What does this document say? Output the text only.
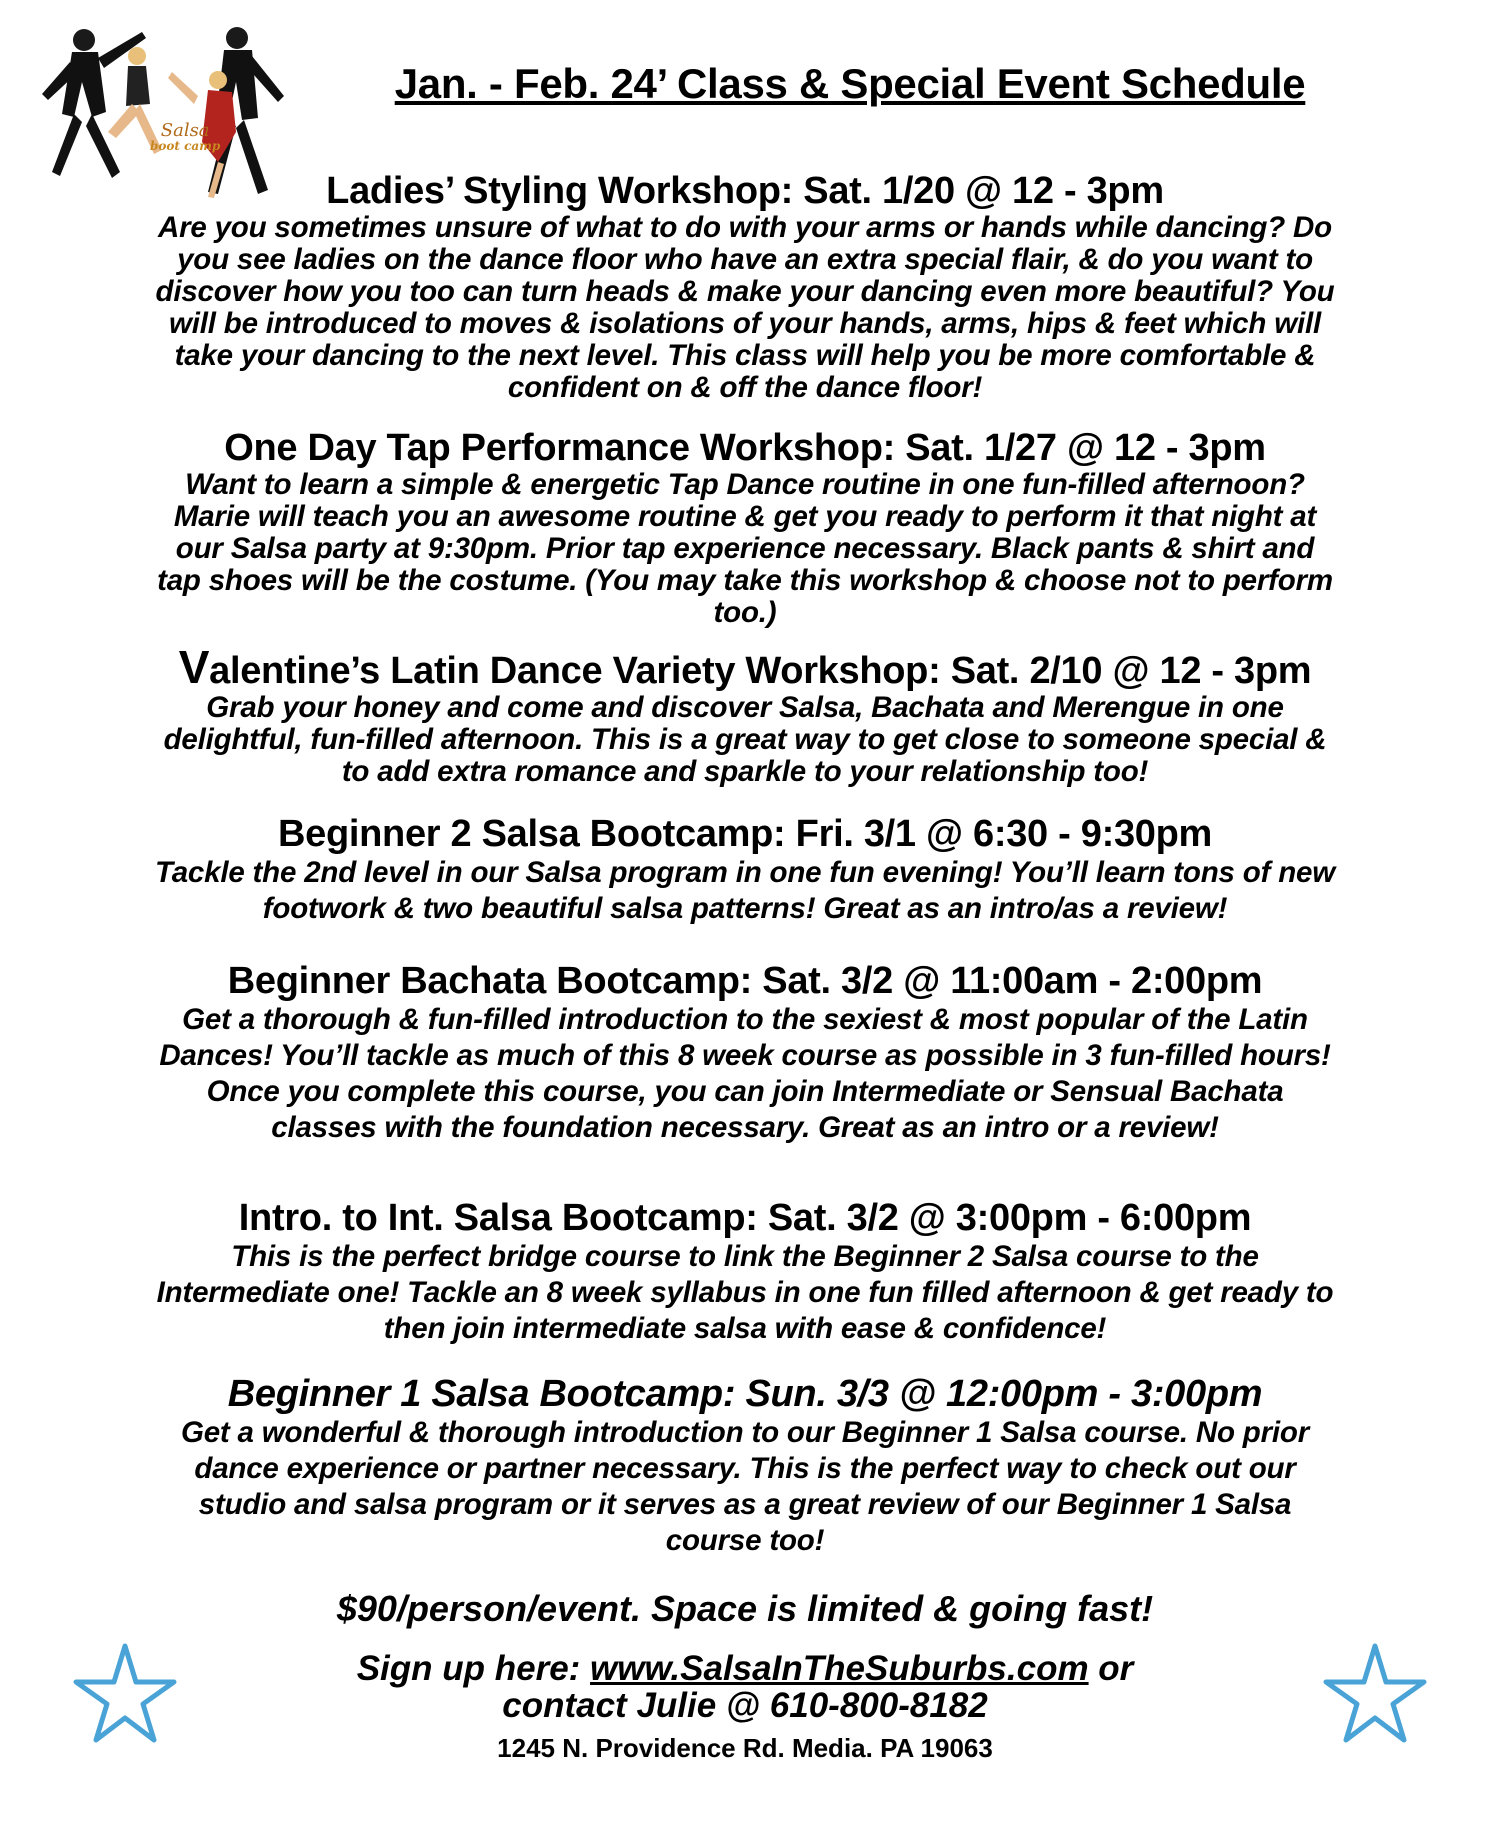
Salsa
boot camp
Jan. - Feb. 24’ Class & Special Event Schedule
Ladies’ Styling Workshop: Sat. 1/20 @ 12 - 3pm

Are you sometimes unsure of what to do with your arms or hands while dancing? Do you see ladies on the dance floor who have an extra special flair, & do you want to discover how you too can turn heads & make your dancing even more beautiful? You will be introduced to moves & isolations of your hands, arms, hips & feet which will take your dancing to the next level. This class will help you be more comfortable & confident on & off the dance floor!

One Day Tap Performance Workshop: Sat. 1/27 @ 12 - 3pm

Want to learn a simple & energetic Tap Dance routine in one fun-filled afternoon? Marie will teach you an awesome routine & get you ready to perform it that night at our Salsa party at 9:30pm. Prior tap experience necessary. Black pants & shirt and tap shoes will be the costume. (You may take this workshop & choose not to perform too.)

Valentine’s Latin Dance Variety Workshop: Sat. 2/10 @ 12 - 3pm

Grab your honey and come and discover Salsa, Bachata and Merengue in one delightful, fun-filled afternoon. This is a great way to get close to someone special & to add extra romance and sparkle to your relationship too!

Beginner 2 Salsa Bootcamp: Fri. 3/1 @ 6:30 - 9:30pm

Tackle the 2nd level in our Salsa program in one fun evening! You’ll learn tons of new footwork & two beautiful salsa patterns! Great as an intro/as a review!

Beginner Bachata Bootcamp: Sat. 3/2 @ 11:00am - 2:00pm

Get a thorough & fun-filled introduction to the sexiest & most popular of the Latin Dances! You’ll tackle as much of this 8 week course as possible in 3 fun-filled hours! Once you complete this course, you can join Intermediate or Sensual Bachata classes with the foundation necessary. Great as an intro or a review!

Intro. to Int. Salsa Bootcamp: Sat. 3/2 @ 3:00pm - 6:00pm

This is the perfect bridge course to link the Beginner 2 Salsa course to the Intermediate one! Tackle an 8 week syllabus in one fun filled afternoon & get ready to then join intermediate salsa with ease & confidence!

Beginner 1 Salsa Bootcamp: Sun. 3/3 @ 12:00pm - 3:00pm

Get a wonderful & thorough introduction to our Beginner 1 Salsa course. No prior dance experience or partner necessary. This is the perfect way to check out our studio and salsa program or it serves as a great review of our Beginner 1 Salsa course too!

$90/person/event. Space is limited & going fast!
Sign up here: www.SalsaInTheSuburbs.com or
contact Julie @ 610-800-8182
1245 N. Providence Rd. Media. PA 19063
